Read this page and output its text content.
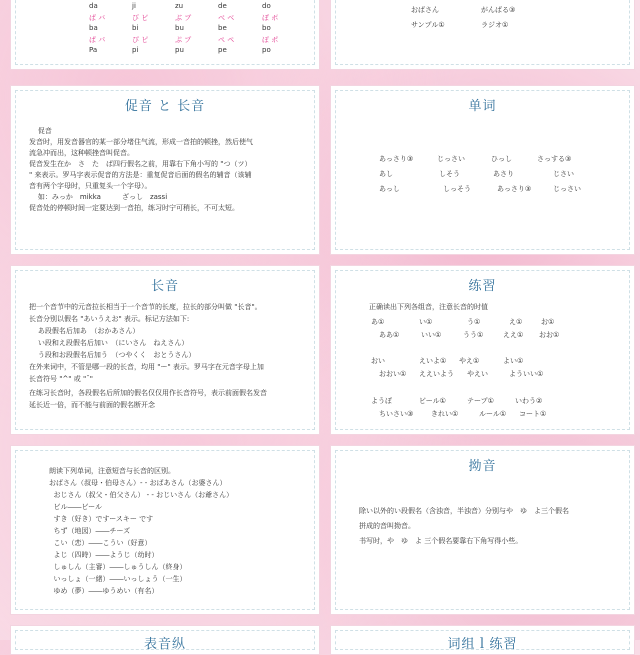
da	ji	zu	de	do
ば バ	び ビ	ぶ ブ	べ ベ	ぼ ボ
ba	bi	bu	be	bo
ぱ パ	ぴ ピ	ぷ プ	ぺ ペ	ぽ ポ
Pa	pi	pu	pe	po
おばさん	がんばる③
サンプル①	ラジオ①
促音 と 长音
促音
发音时，用发音器官的某一部分堵住气流，形成一音拍的顿挫，然后使气
流急冲而出，这种顿挫音叫促音。
促音发生在か　さ　た　ぱ四行假名之前，用靠右下角小写的 "つ（ツ）
" 来表示。罗马字表示促音的方法是：重复促音后面的假名的辅音（该辅
音有两个字母时，只重复头一个字母）。
如：みっか　mikka　　　ざっし　zassi
促音处的停顿时间一定要达到一音拍，练习时宁可稍长，不可太短。
单词
あっさり③	じっさい	ひっし	さっする③
あし	しそう	あさり	じさい
あっし	しっそう	あっさり③	じっさい
长音
把一个音节中的元音拉长相当于一个音节的长度，拉长的部分叫做 "长音"。
长音分别以假名 "あいうえお" 表示。标记方法如下:
あ段假名后加あ　（おかあさん）
い段和え段假名后加い　（にいさん　ねえさん）
う段和お段假名后加う　（つやくく　おとうさん）
在外来词中，不管是哪一段的长音，均用 "ー" 表示。罗马字在元音字母上加
长音符号 "^" 或 "¯"
在练习长音时，各段假名后所加的假名仅仅用作长音符号，表示前面假名发音
延长近一倍，而不能与前面的假名断开念
练習
正确读出下列各组音，注意长音的时值
あ①	い①	う①	え①	お①
ああ①	いい①	うう①	ええ① おお①
おい	えいよ① やえ①	よい①
おおい① ええいよう やえい	よういい①
ようぼ	ビール①	テープ①	いわう②
ちいさい③	きれい①	ルール① コート①
朗读下列单词，注意短音与长音的区别。
おばさん（叔母・伯母さん）- - おばあさん（お婆さん）
おじさん（叔父・伯父さん） - - おじいさん（お爺さん）
ビル――ビール
すき（好き）ですースキー です
ちず（地図）――チーズ
こい（恋）――こうい（好意）
よじ（四時）――ようじ（幼时）
しゅしん（主審）――しゅうしん（終身）
いっしょ（一緒）――いっしょう（一生）
ゆめ（夢）――ゆうめい（有名）
拗音
除い以外的い段假名（含浊音，半浊音）分别与や　ゆ　よ三个假名
拼成的音叫拗音。
书写时，や　ゆ　よ 三个假名要靠右下角写得小些。
表音纵	词组ｌ练習
